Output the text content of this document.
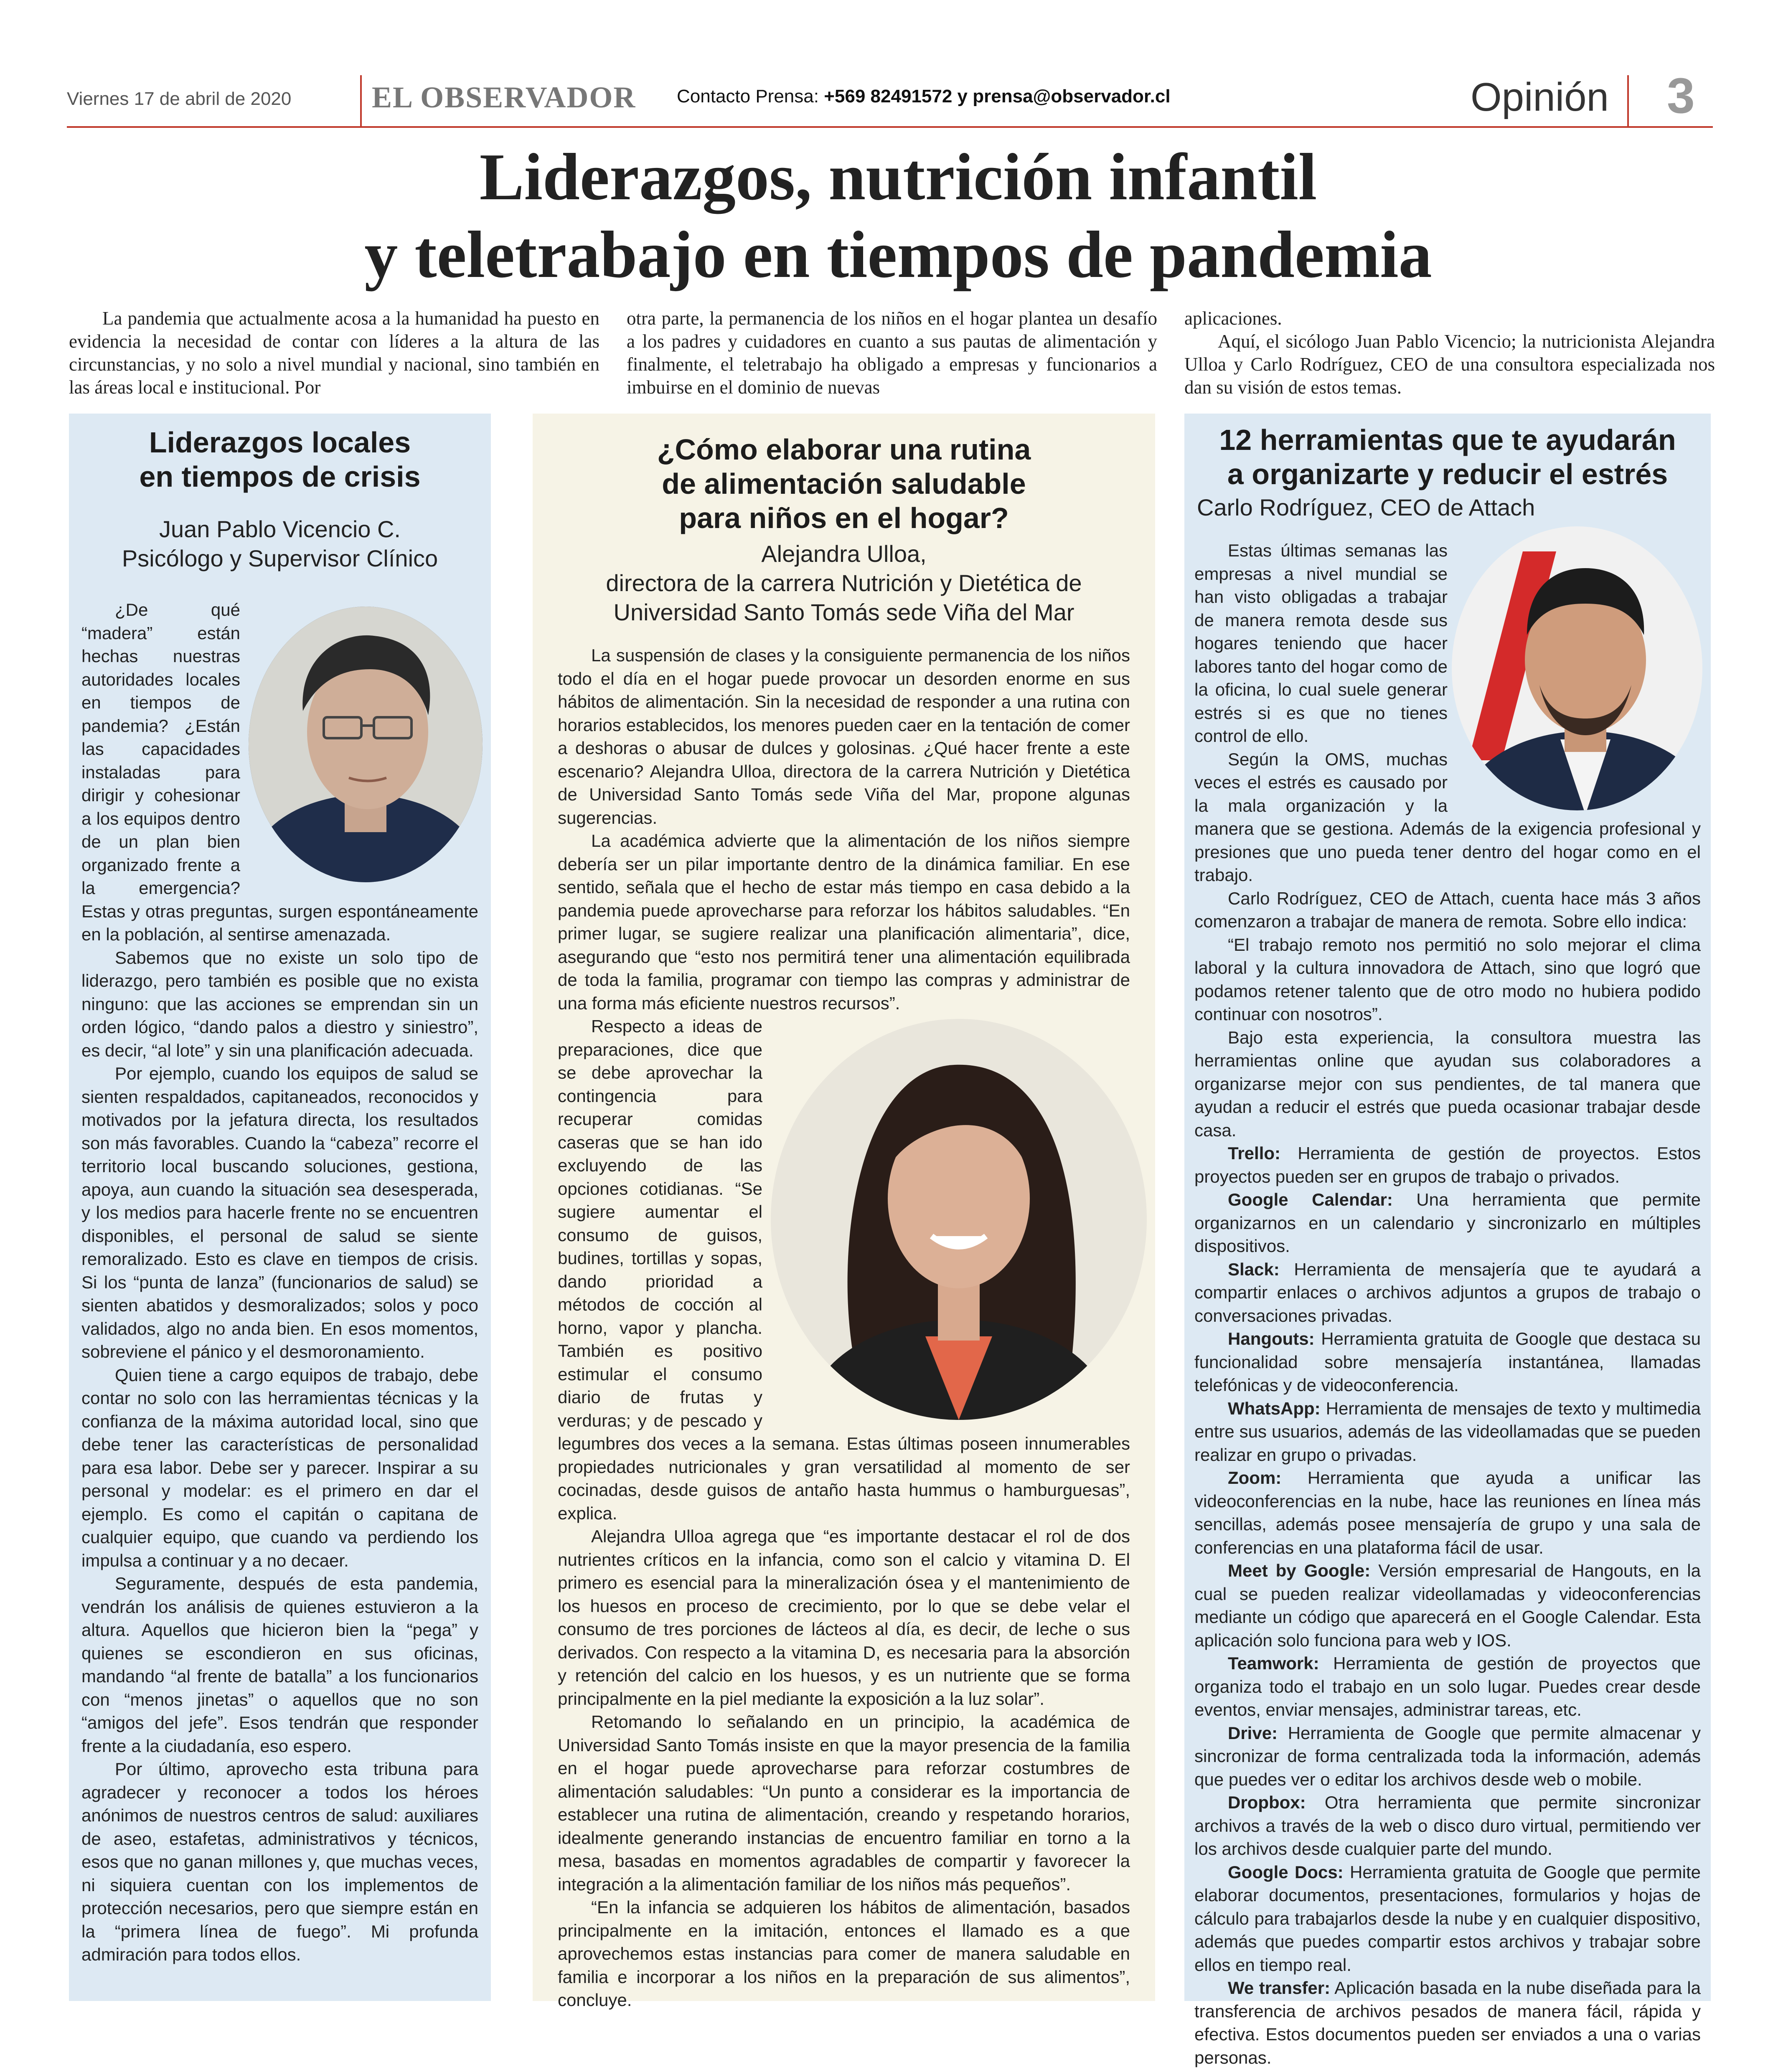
Viernes 17 de abril de 2020	EL OBSERVADOR Contacto Prensa: +569 82491572 y prensa@observador.cl	Opinión 3
Liderazgos, nutrición infantil
y teletrabajo en tiempos de pandemia
La pandemia que actualmente acosa a la humanidad ha puesto en evidencia la necesidad de contar con líderes a la altura de las circunstancias, y no solo a nivel mundial y nacional, sino también en las áreas local e institucional. Por
otra parte, la permanencia de los niños en el hogar plantea un desafío a los padres y cuidadores en cuanto a sus pautas de alimentación y finalmente, el teletrabajo ha obligado a empresas y funcionarios a imbuirse en el dominio de nuevas
aplicaciones.
Aquí, el sicólogo Juan Pablo Vicencio; la nutricionista Alejandra Ulloa y Carlo Rodríguez, CEO de una consultora especializada nos dan su visión de estos temas.
Liderazgos locales
en tiempos de crisis
Juan Pablo Vicencio C.
Psicólogo y Supervisor Clínico

¿De qué “madera” están hechas nuestras autoridades locales en tiempos de pandemia? ¿Están las capacidades instaladas para dirigir y cohesionar a los equipos dentro de un plan bien organizado frente a la emergencia? Estas y otras preguntas, surgen espontáneamente en la población, al sentirse amenazada.

Sabemos que no existe un solo tipo de liderazgo, pero también es posible que no exista ninguno: que las acciones se emprendan sin un orden lógico, “dando palos a diestro y siniestro”, es decir, “al lote” y sin una planificación adecuada.

Por ejemplo, cuando los equipos de salud se sienten respaldados, capitaneados, reconocidos y motivados por la jefatura directa, los resultados son más favorables. Cuando la “cabeza” recorre el territorio local buscando soluciones, gestiona, apoya, aun cuando la situación sea desesperada, y los medios para hacerle frente no se encuentren disponibles, el personal de salud se siente remoralizado. Esto es clave en tiempos de crisis. Si los “punta de lanza” (funcionarios de salud) se sienten abatidos y desmoralizados; solos y poco validados, algo no anda bien. En esos momentos, sobreviene el pánico y el desmoronamiento.

Quien tiene a cargo equipos de trabajo, debe contar no solo con las herramientas técnicas y la confianza de la máxima autoridad local, sino que debe tener las características de personalidad para esa labor. Debe ser y parecer. Inspirar a su personal y modelar: es el primero en dar el ejemplo. Es como el capitán o capitana de cualquier equipo, que cuando va perdiendo los impulsa a continuar y a no decaer.

Seguramente, después de esta pandemia, vendrán los análisis de quienes estuvieron a la altura. Aquellos que hicieron bien la “pega” y quienes se escondieron en sus oficinas, mandando “al frente de batalla” a los funcionarios con “menos jinetas” o aquellos que no son “amigos del jefe”. Esos tendrán que responder frente a la ciudadanía, eso espero.

Por último, aprovecho esta tribuna para agradecer y reconocer a todos los héroes anónimos de nuestros centros de salud: auxiliares de aseo, estafetas, administrativos y técnicos, esos que no ganan millones y, que muchas veces, ni siquiera cuentan con los implementos de protección necesarios, pero que siempre están en la “primera línea de fuego”. Mi profunda admiración para todos ellos.

¿Cómo elaborar una rutina
de alimentación saludable
para niños en el hogar?
Alejandra Ulloa,
directora de la carrera Nutrición y Dietética de
Universidad Santo Tomás sede Viña del Mar

La suspensión de clases y la consiguiente permanencia de los niños todo el día en el hogar puede provocar un desorden enorme en sus hábitos de alimentación. Sin la necesidad de responder a una rutina con horarios establecidos, los menores pueden caer en la tentación de comer a deshoras o abusar de dulces y golosinas. ¿Qué hacer frente a este escenario? Alejandra Ulloa, directora de la carrera Nutrición y Dietética de Universidad Santo Tomás sede Viña del Mar, propone algunas sugerencias.

La académica advierte que la alimentación de los niños siempre debería ser un pilar importante dentro de la dinámica familiar. En ese sentido, señala que el hecho de estar más tiempo en casa debido a la pandemia puede aprovecharse para reforzar los hábitos saludables. “En primer lugar, se sugiere realizar una planificación alimentaria”, dice, asegurando que “esto nos permitirá tener una alimentación equilibrada de toda la familia, programar con tiempo las compras y administrar de una forma más eficiente nuestros recursos”.

Respecto a ideas de preparaciones, dice que se debe aprovechar la contingencia para recuperar comidas caseras que se han ido excluyendo de las opciones cotidianas. “Se sugiere aumentar el consumo de guisos, budines, tortillas y sopas, dando prioridad a métodos de cocción al horno, vapor y plancha. También es positivo estimular el consumo diario de frutas y verduras; y de pescado y legumbres dos veces a la semana. Estas últimas poseen innumerables propiedades nutricionales y gran versatilidad al momento de ser cocinadas, desde guisos de antaño hasta hummus o hamburguesas”, explica.

Alejandra Ulloa agrega que “es importante destacar el rol de dos nutrientes críticos en la infancia, como son el calcio y vitamina D. El primero es esencial para la mineralización ósea y el mantenimiento de los huesos en proceso de crecimiento, por lo que se debe velar el consumo de tres porciones de lácteos al día, es decir, de leche o sus derivados. Con respecto a la vitamina D, es necesaria para la absorción y retención del calcio en los huesos, y es un nutriente que se forma principalmente en la piel mediante la exposición a la luz solar”.

Retomando lo señalando en un principio, la académica de Universidad Santo Tomás insiste en que la mayor presencia de la familia en el hogar puede aprovecharse para reforzar costumbres de alimentación saludables: “Un punto a considerar es la importancia de establecer una rutina de alimentación, creando y respetando horarios, idealmente generando instancias de encuentro familiar en torno a la mesa, basadas en momentos agradables de compartir y favorecer la integración a la alimentación familiar de los niños más pequeños”.

“En la infancia se adquieren los hábitos de alimentación, basados principalmente en la imitación, entonces el llamado es a que aprovechemos estas instancias para comer de manera saludable en familia e incorporar a los niños en la preparación de sus alimentos”, concluye.

12 herramientas que te ayudarán
a organizarte y reducir el estrés
Carlo Rodríguez, CEO de Attach

Estas últimas semanas las empresas a nivel mundial se han visto obligadas a trabajar de manera remota desde sus hogares teniendo que hacer labores tanto del hogar como de la oficina, lo cual suele generar estrés si es que no tienes control de ello.

Según la OMS, muchas veces el estrés es causado por la mala organización y la manera que se gestiona. Además de la exigencia profesional y presiones que uno pueda tener dentro del hogar como en el trabajo.

Carlo Rodríguez, CEO de Attach, cuenta hace más 3 años comenzaron a trabajar de manera de remota. Sobre ello indica:

“El trabajo remoto nos permitió no solo mejorar el clima laboral y la cultura innovadora de Attach, sino que logró que podamos retener talento que de otro modo no hubiera podido continuar con nosotros”.

Bajo esta experiencia, la consultora muestra las herramientas online que ayudan sus colaboradores a organizarse mejor con sus pendientes, de tal manera que ayudan a reducir el estrés que pueda ocasionar trabajar desde casa.

Trello: Herramienta de gestión de proyectos. Estos proyectos pueden ser en grupos de trabajo o privados.

Google Calendar: Una herramienta que permite organizarnos en un calendario y sincronizarlo en múltiples dispositivos.

Slack: Herramienta de mensajería que te ayudará a compartir enlaces o archivos adjuntos a grupos de trabajo o conversaciones privadas.

Hangouts: Herramienta gratuita de Google que destaca su funcionalidad sobre mensajería instantánea, llamadas telefónicas y de videoconferencia.

WhatsApp: Herramienta de mensajes de texto y multimedia entre sus usuarios, además de las videollamadas que se pueden realizar en grupo o privadas.

Zoom: Herramienta que ayuda a unificar las videoconferencias en la nube, hace las reuniones en línea más sencillas, además posee mensajería de grupo y una sala de conferencias en una plataforma fácil de usar.

Meet by Google: Versión empresarial de Hangouts, en la cual se pueden realizar videollamadas y videoconferencias mediante un código que aparecerá en el Google Calendar. Esta aplicación solo funciona para web y IOS.

Teamwork: Herramienta de gestión de proyectos que organiza todo el trabajo en un solo lugar. Puedes crear desde eventos, enviar mensajes, administrar tareas, etc.

Drive: Herramienta de Google que permite almacenar y sincronizar de forma centralizada toda la información, además que puedes ver o editar los archivos desde web o mobile.

Dropbox: Otra herramienta que permite sincronizar archivos a través de la web o disco duro virtual, permitiendo ver los archivos desde cualquier parte del mundo.

Google Docs: Herramienta gratuita de Google que permite elaborar documentos, presentaciones, formularios y hojas de cálculo para trabajarlos desde la nube y en cualquier dispositivo, además que puedes compartir estos archivos y trabajar sobre ellos en tiempo real.

We transfer: Aplicación basada en la nube diseñada para la transferencia de archivos pesados de manera fácil, rápida y efectiva. Estos documentos pueden ser enviados a una o varias personas.
